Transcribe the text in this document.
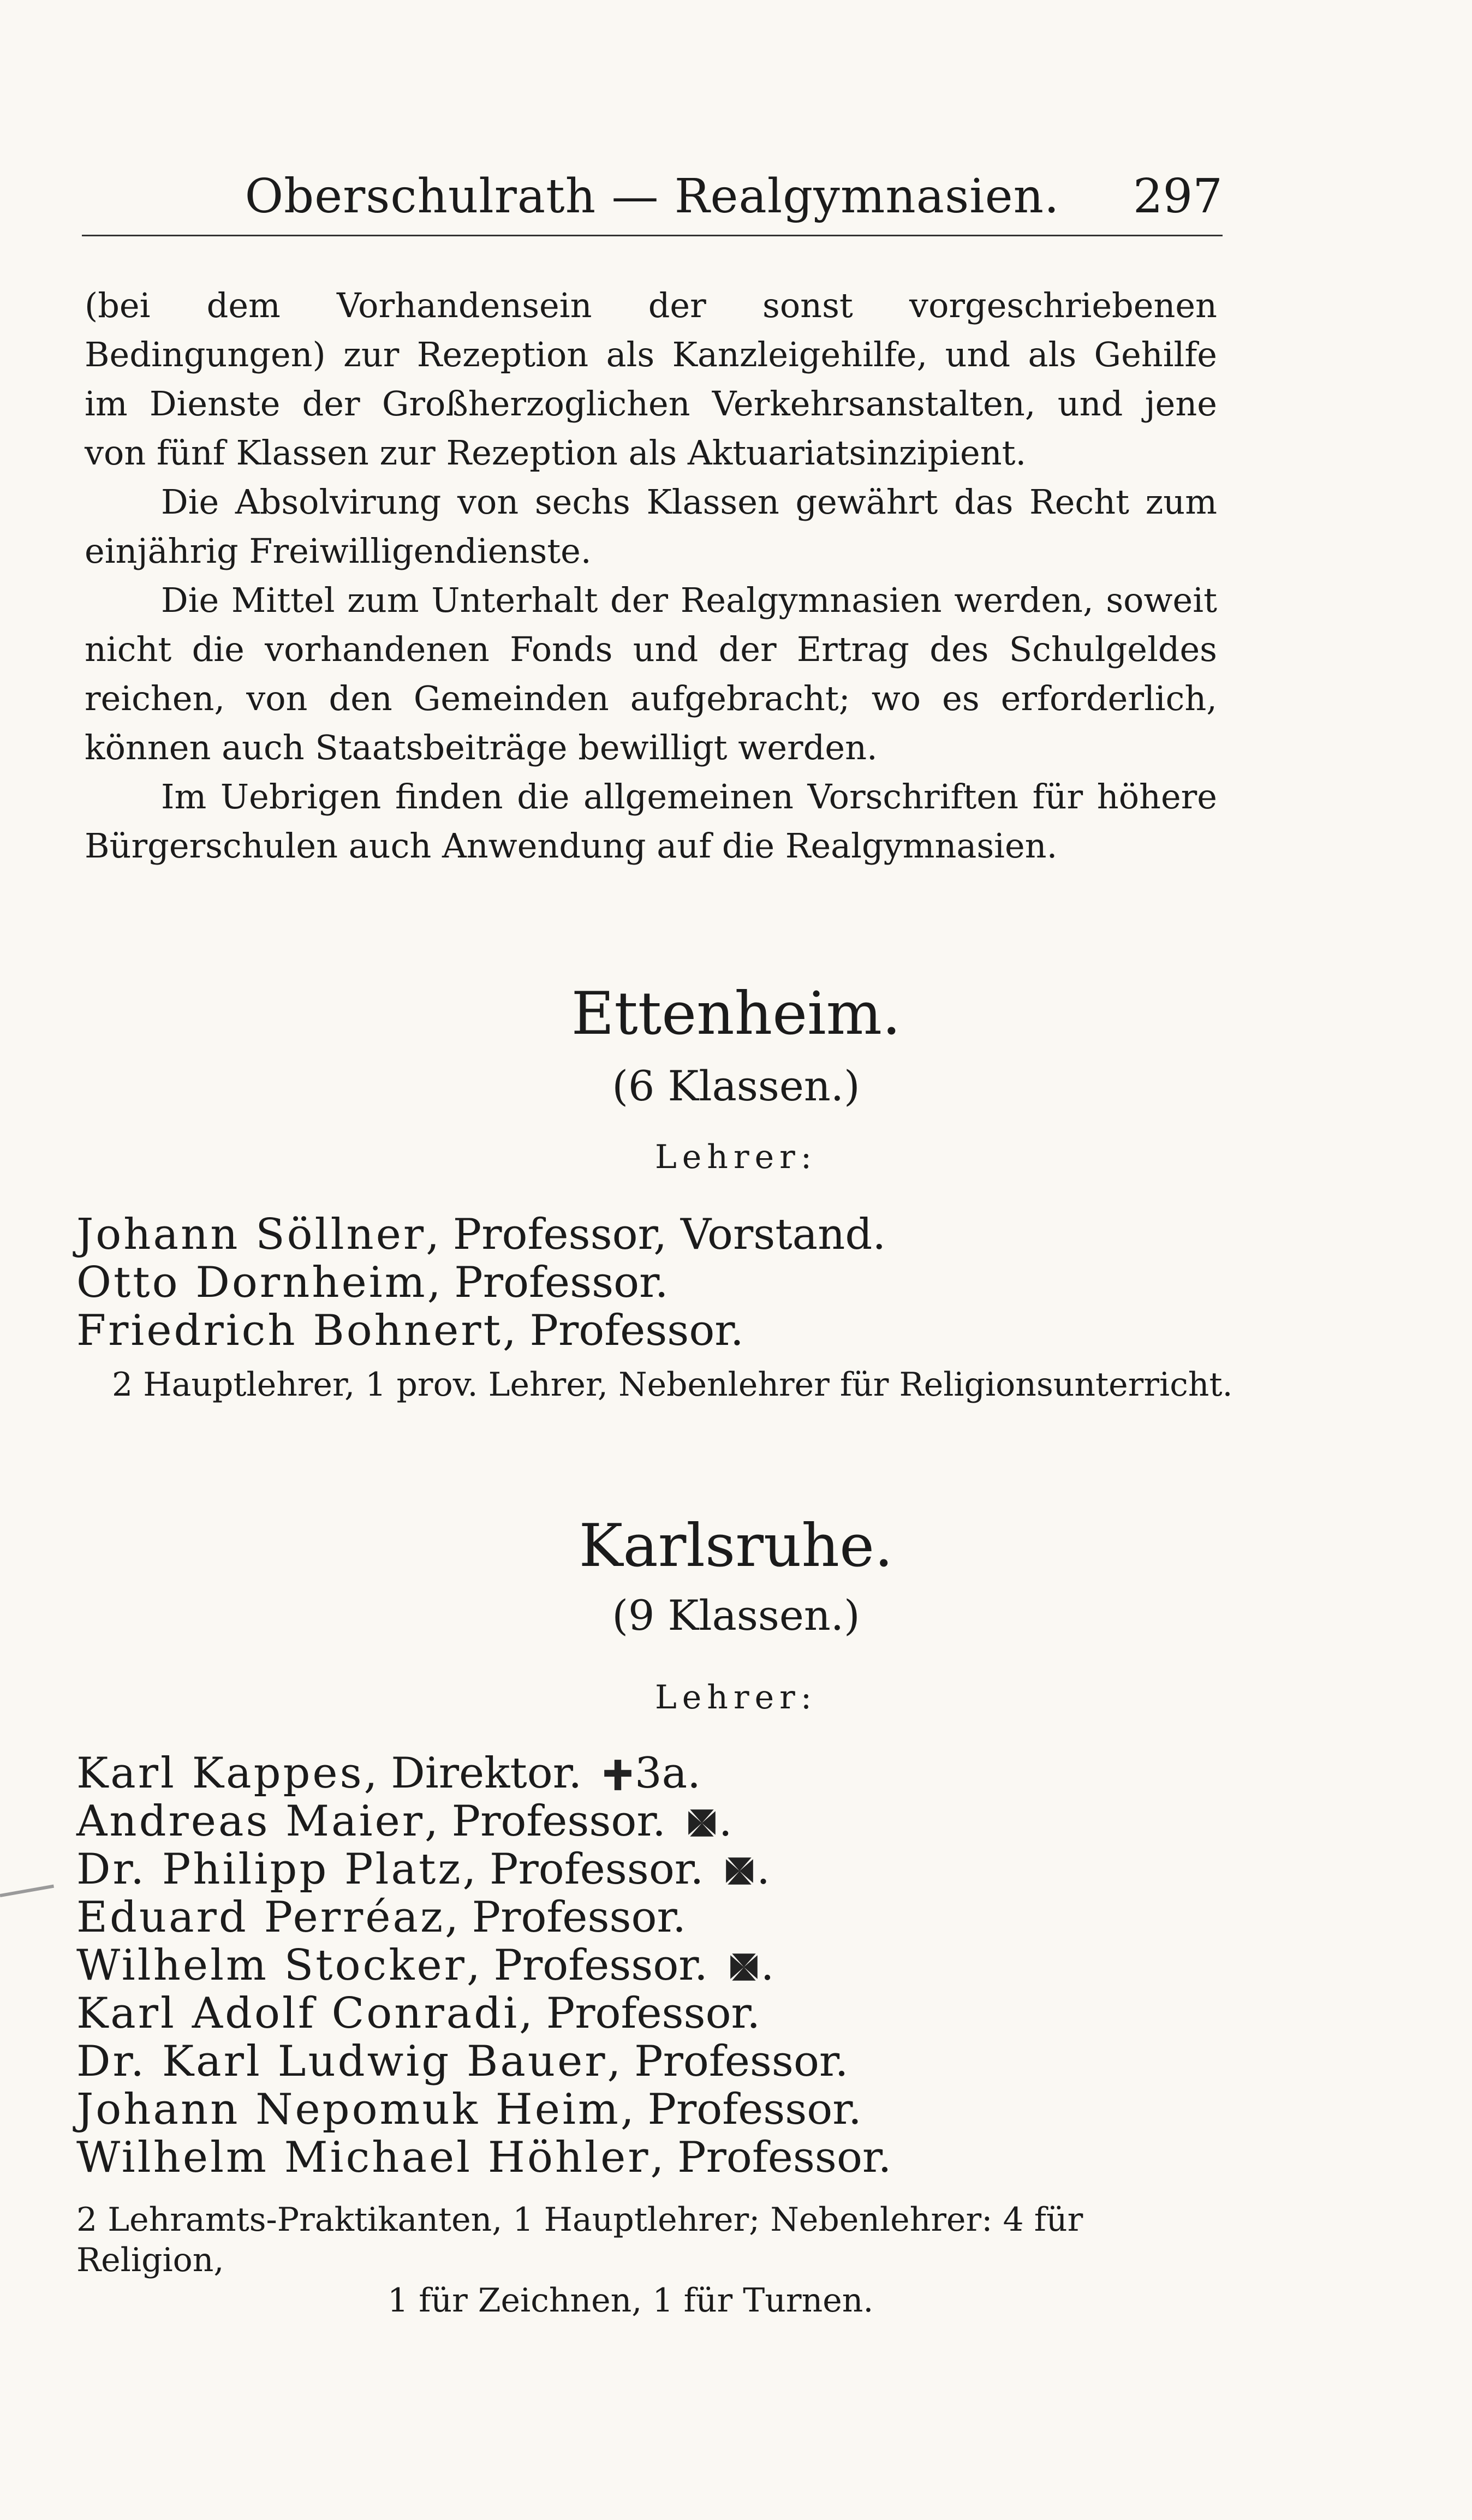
Oberschulrath — Realgymnasien.	297

(bei dem Vorhandensein der sonst vorgeschriebenen Bedingungen) zur Rezeption als Kanzleigehilfe, und als Gehilfe im Dienste der Großherzoglichen Verkehrsanstalten, und jene von fünf Klassen zur Rezeption als Aktuariatsinzipient.

Die Absolvirung von sechs Klassen gewährt das Recht zum einjährig Freiwilligendienste.

Die Mittel zum Unterhalt der Realgymnasien werden, soweit nicht die vorhandenen Fonds und der Ertrag des Schulgeldes reichen, von den Gemeinden aufgebracht; wo es erforderlich, können auch Staatsbeiträge bewilligt werden.

Im Uebrigen finden die allgemeinen Vorschriften für höhere Bürgerschulen auch Anwendung auf die Realgymnasien.

Ettenheim.
(6 Klassen.)
Lehrer:
Johann Söllner, Professor, Vorstand.
Otto Dornheim, Professor.
Friedrich Bohnert, Professor.
2 Hauptlehrer, 1 prov. Lehrer, Nebenlehrer für Religionsunterricht.
Karlsruhe.
(9 Klassen.)
Lehrer:
Karl Kappes, Direktor.
3a.
Andreas Maier, Professor.
.
Dr. Philipp Platz, Professor.
.
Eduard Perréaz, Professor.
Wilhelm Stocker, Professor.
.
Karl Adolf Conradi, Professor.
Dr. Karl Ludwig Bauer, Professor.
Johann Nepomuk Heim, Professor.
Wilhelm Michael Höhler, Professor.
2 Lehramts-Praktikanten, 1 Hauptlehrer; Nebenlehrer: 4 für Religion,
1 für Zeichnen, 1 für Turnen.
